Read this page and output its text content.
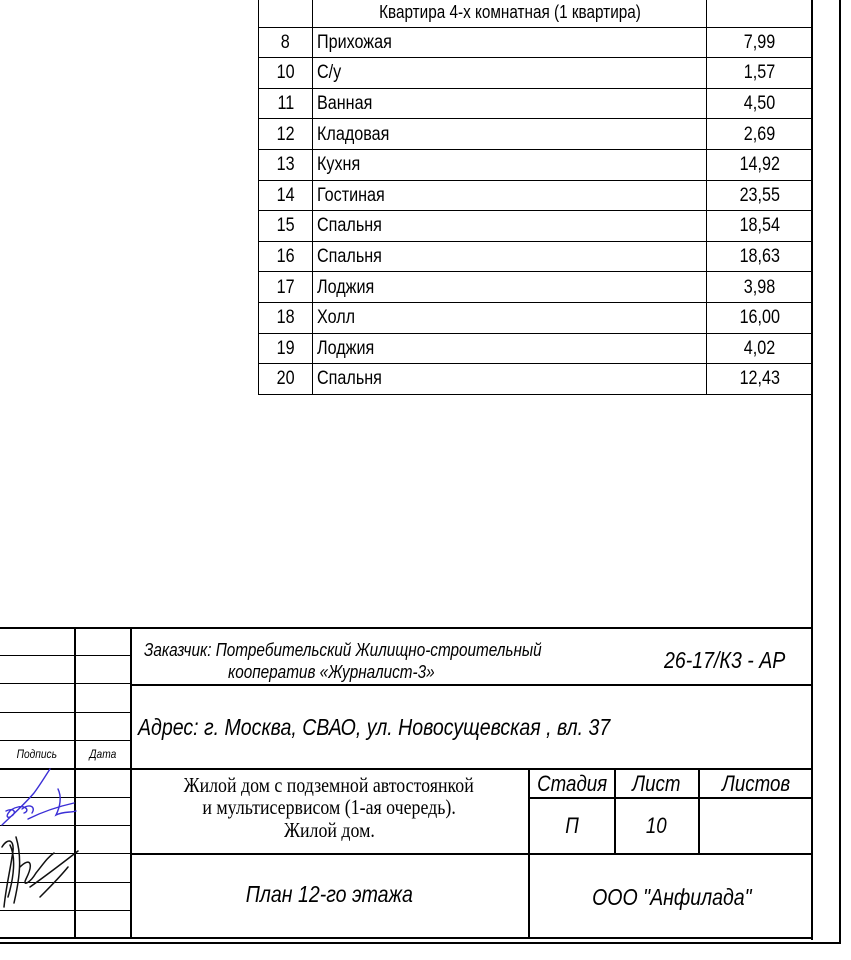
	Квартира 4-х комнатная (1 квартира)	
8	Прихожая	7,99
10	С/у	1,57
11	Ванная	4,50
12	Кладовая	2,69
13	Кухня	14,92
14	Гостиная	23,55
15	Спальня	18,54
16	Спальня	18,63
17	Лоджия	3,98
18	Холл	16,00
19	Лоджия	4,02
20	Спальня	12,43
Подпись	Дата
Заказчик: Потребительский Жилищно-строительный
кооператив «Журналист-3»	26-17/К3 - АР
Адрес: г. Москва, СВАО, ул. Новосущевская , вл. 37
Жилой дом с подземной автостоянкой
и мультисервисом (1-ая очередь).
Жилой дом.
Стадия	Лист	Листов
П	10
План 12-го этажа	ООО "Анфилада"
